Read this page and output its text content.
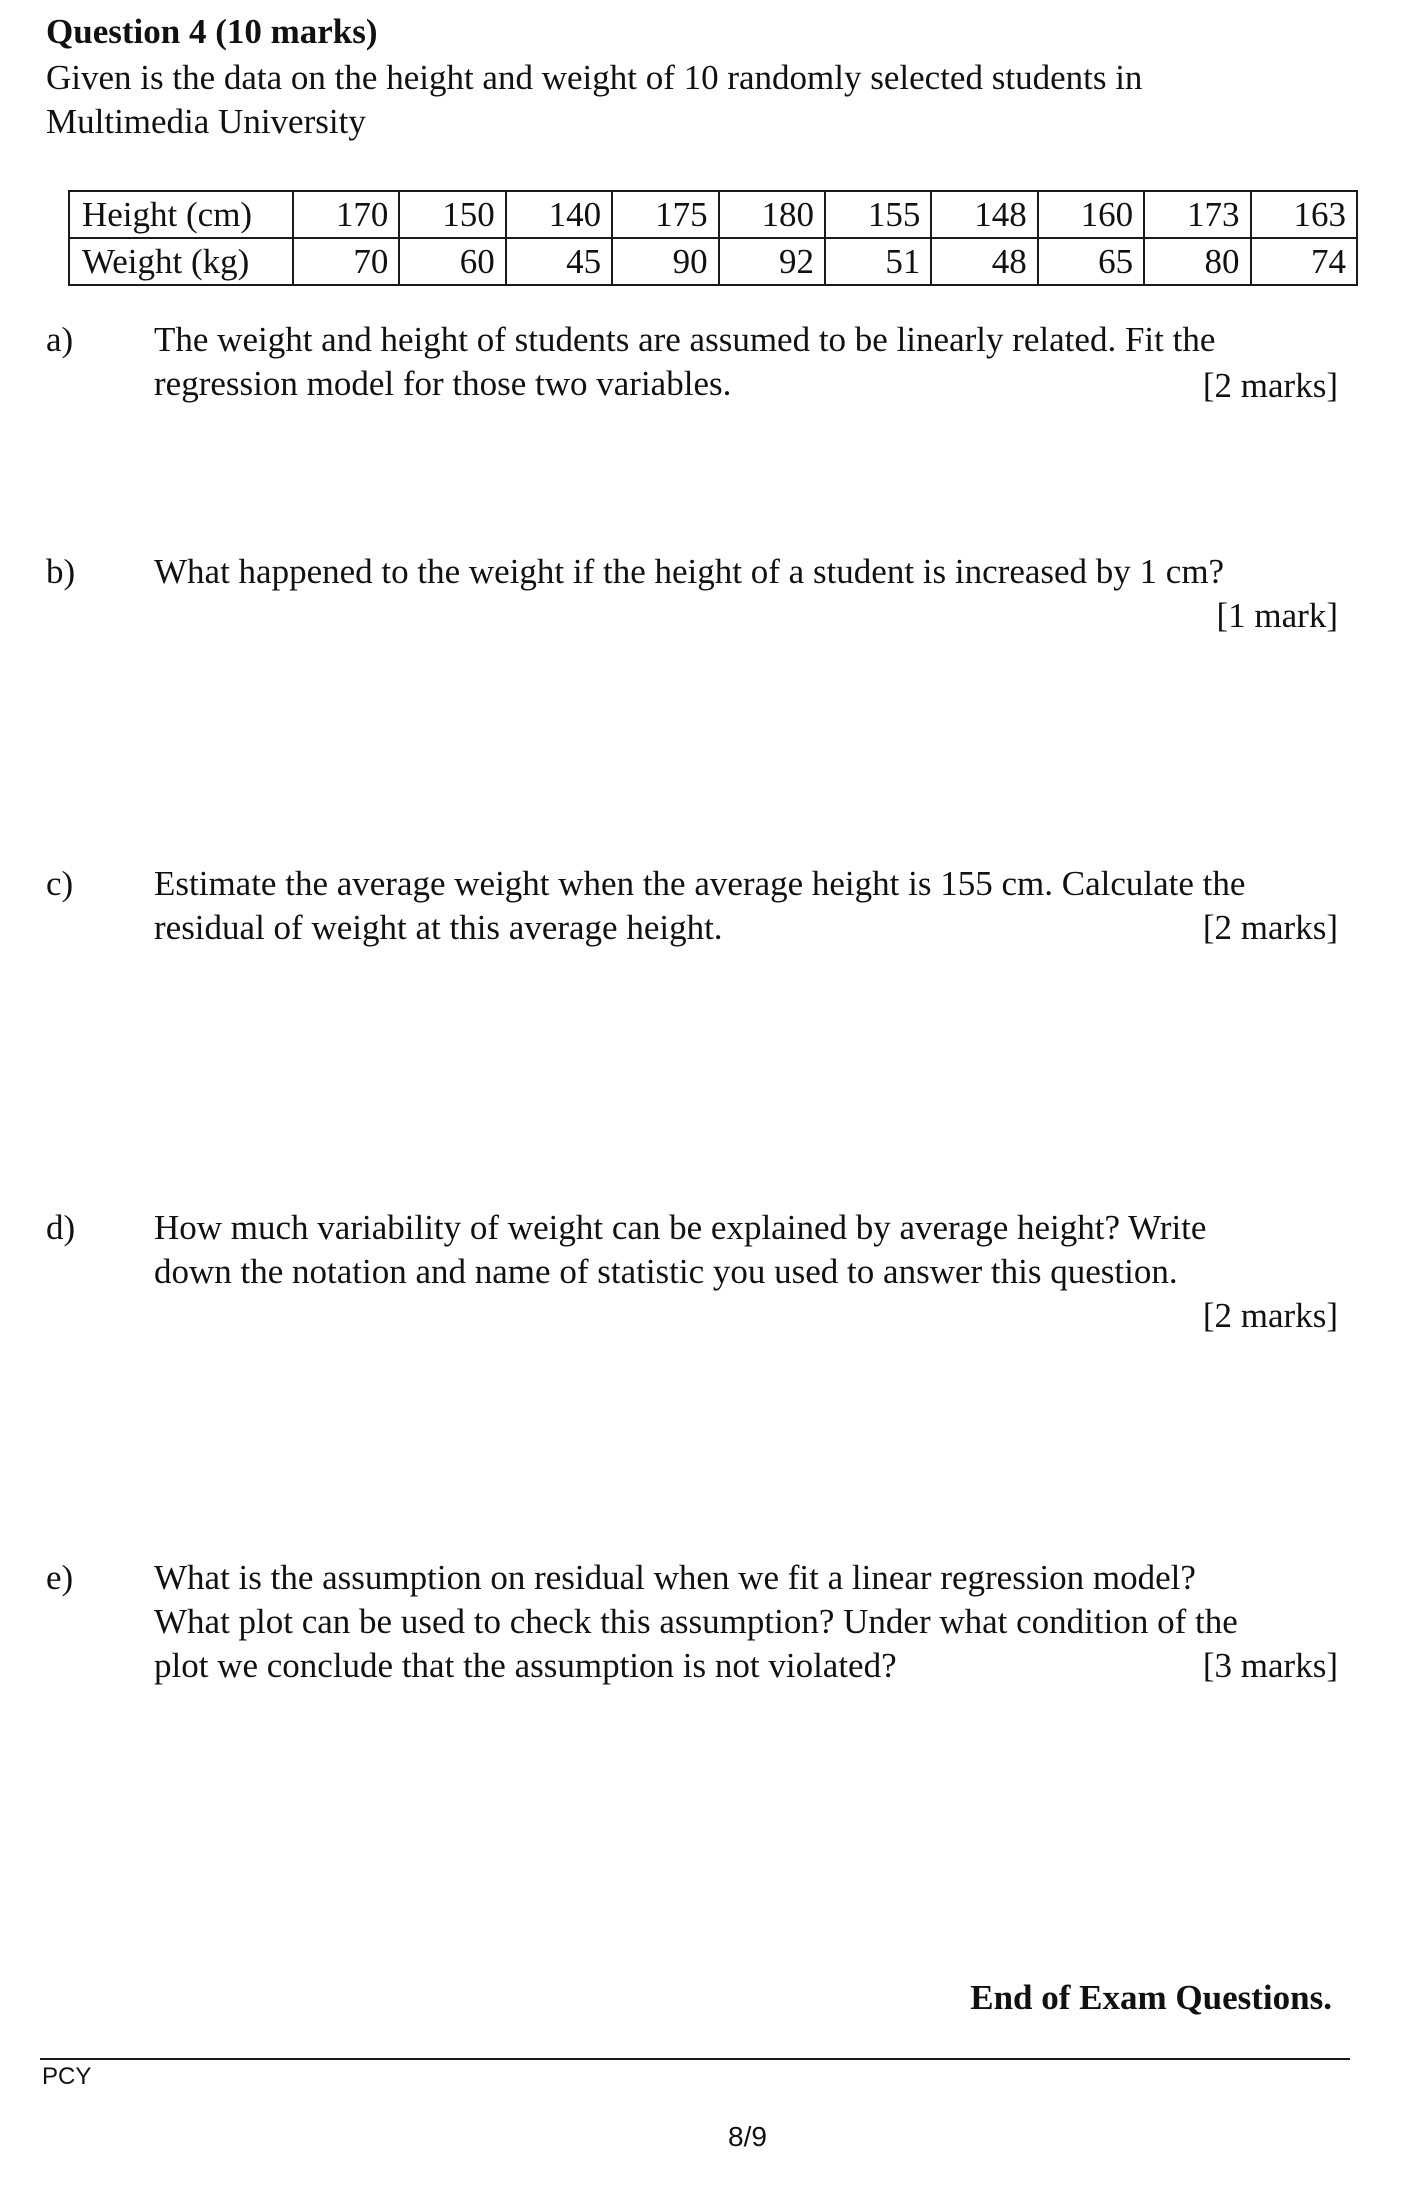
Question 4 (10 marks)
Given is the data on the height and weight of 10 randomly selected students in
Multimedia University
Height (cm)	170	150	140	175	180	155	148	160	173	163
Weight (kg)	70	60	45	90	92	51	48	65	80	74
a) The weight and height of students are assumed to be linearly related. Fit the
regression model for those two variables.	[2 marks]
b) What happened to the weight if the height of a student is increased by 1 cm?
[1 mark]
c) Estimate the average weight when the average height is 155 cm. Calculate the
residual of weight at this average height.	[2 marks]
d) How much variability of weight can be explained by average height? Write
down the notation and name of statistic you used to answer this question.
[2 marks]
e) What is the assumption on residual when we fit a linear regression model?
What plot can be used to check this assumption? Under what condition of the
plot we conclude that the assumption is not violated?	[3 marks]
End of Exam Questions.
PCY
8/9
